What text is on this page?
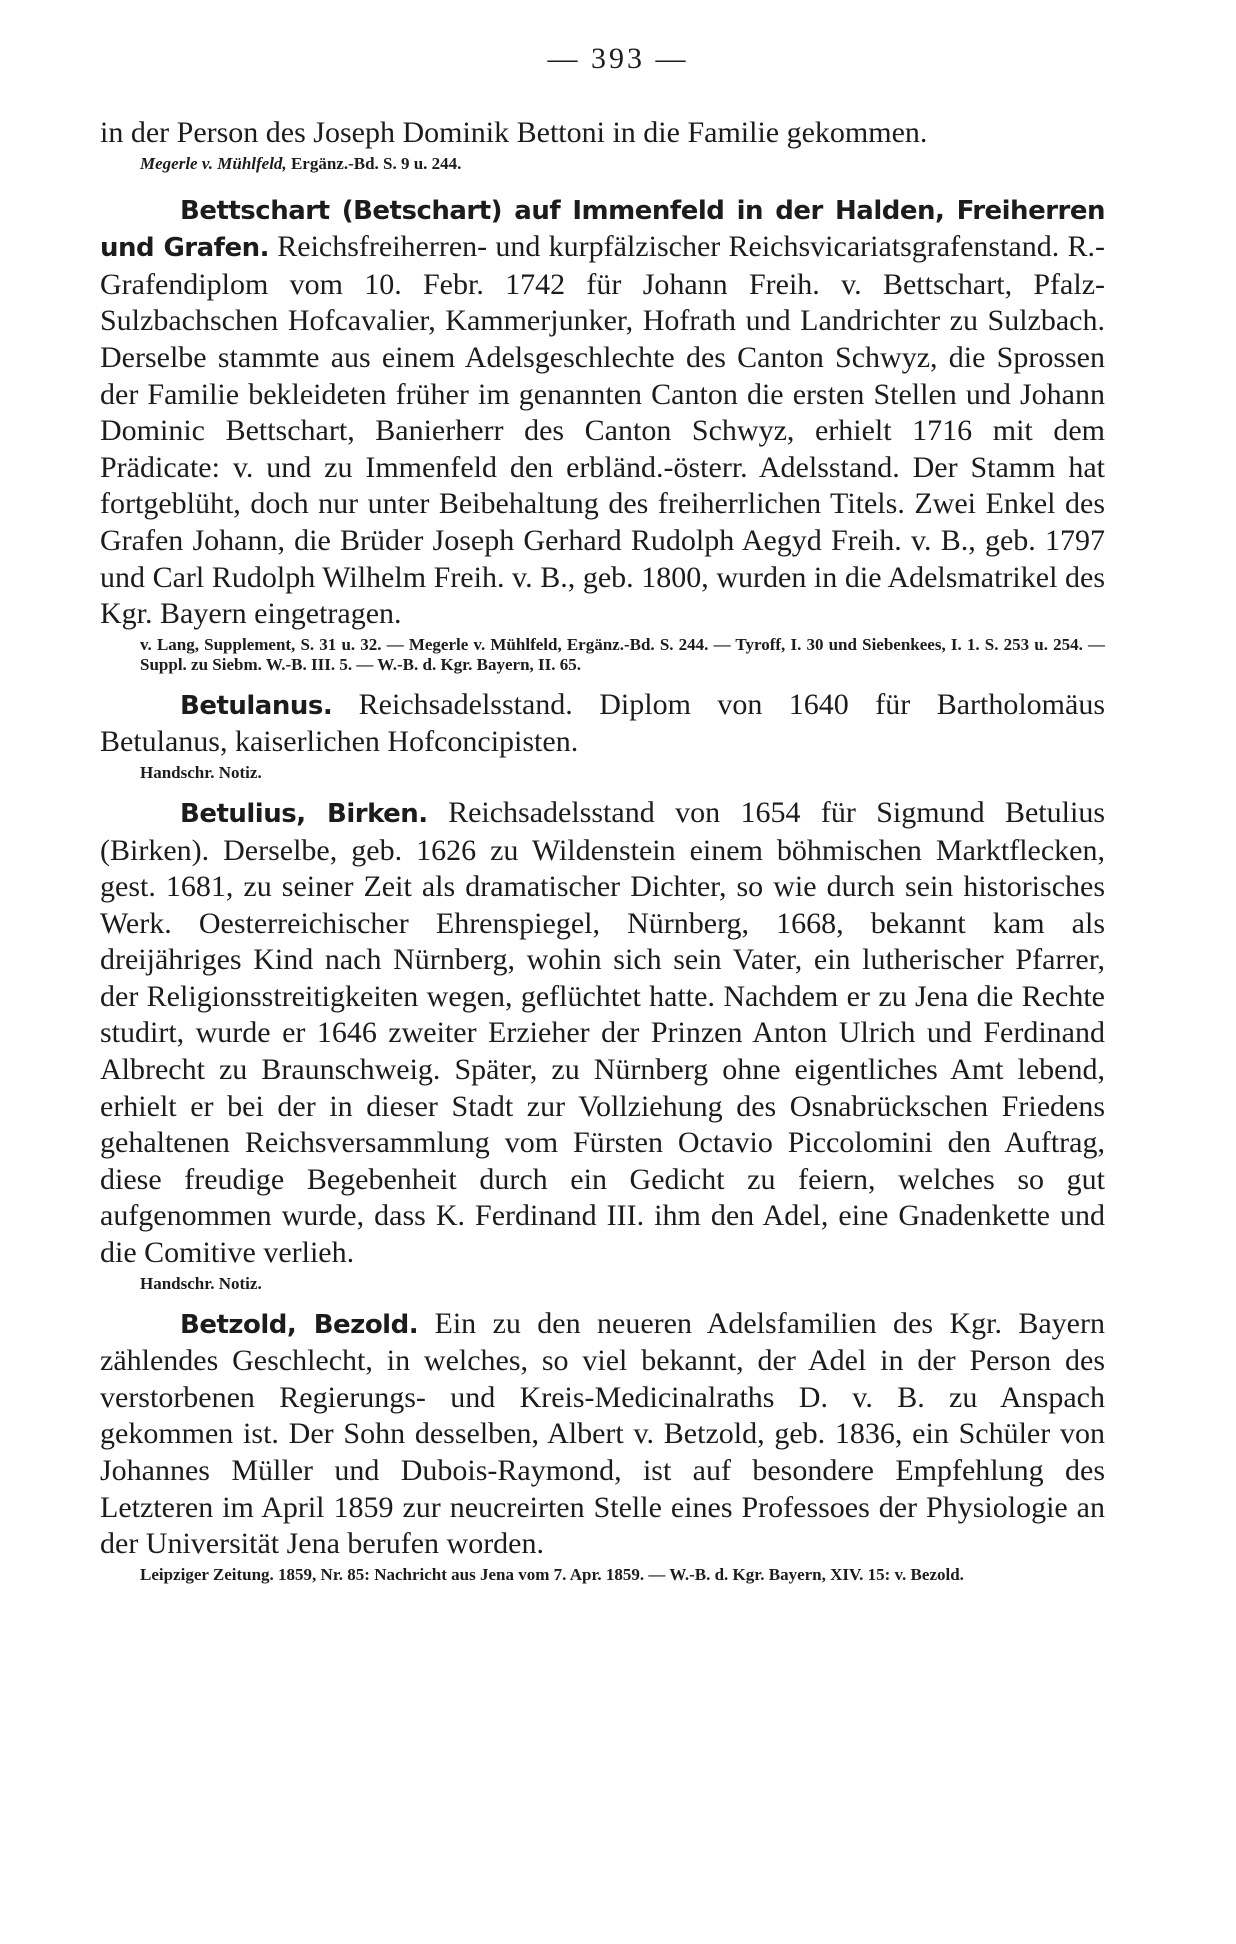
— 393 —

in der Person des Joseph Dominik Bettoni in die Familie gekommen.

Megerle v. Mühlfeld, Ergänz.-Bd. S. 9 u. 244.

Bettschart (Betschart) auf Immenfeld in der Halden, Freiherren und Grafen. Reichsfreiherren- und kurpfälzischer Reichsvicariatsgrafenstand. R.-Grafendiplom vom 10. Febr. 1742 für Johann Freih. v. Bettschart, Pfalz-Sulzbachschen Hofcavalier, Kammerjunker, Hofrath und Landrichter zu Sulzbach. Derselbe stammte aus einem Adelsgeschlechte des Canton Schwyz, die Sprossen der Familie bekleideten früher im genannten Canton die ersten Stellen und Johann Dominic Bettschart, Banierherr des Canton Schwyz, erhielt 1716 mit dem Prädicate: v. und zu Immenfeld den erbländ.-österr. Adelsstand. Der Stamm hat fortgeblüht, doch nur unter Beibehaltung des freiherrlichen Titels. Zwei Enkel des Grafen Johann, die Brüder Joseph Gerhard Rudolph Aegyd Freih. v. B., geb. 1797 und Carl Rudolph Wilhelm Freih. v. B., geb. 1800, wurden in die Adelsmatrikel des Kgr. Bayern eingetragen.

v. Lang, Supplement, S. 31 u. 32. — Megerle v. Mühlfeld, Ergänz.-Bd. S. 244. — Tyroff, I. 30 und Siebenkees, I. 1. S. 253 u. 254. — Suppl. zu Siebm. W.-B. III. 5. — W.-B. d. Kgr. Bayern, II. 65.

Betulanus. Reichsadelsstand. Diplom von 1640 für Bartholomäus Betulanus, kaiserlichen Hofconcipisten.

Handschr. Notiz.

Betulius, Birken. Reichsadelsstand von 1654 für Sigmund Betulius (Birken). Derselbe, geb. 1626 zu Wildenstein einem böhmischen Marktflecken, gest. 1681, zu seiner Zeit als dramatischer Dichter, so wie durch sein historisches Werk. Oesterreichischer Ehrenspiegel, Nürnberg, 1668, bekannt kam als dreijähriges Kind nach Nürnberg, wohin sich sein Vater, ein lutherischer Pfarrer, der Religionsstreitigkeiten wegen, geflüchtet hatte. Nachdem er zu Jena die Rechte studirt, wurde er 1646 zweiter Erzieher der Prinzen Anton Ulrich und Ferdinand Albrecht zu Braunschweig. Später, zu Nürnberg ohne eigentliches Amt lebend, erhielt er bei der in dieser Stadt zur Vollziehung des Osnabrückschen Friedens gehaltenen Reichsversammlung vom Fürsten Octavio Piccolomini den Auftrag, diese freudige Begebenheit durch ein Gedicht zu feiern, welches so gut aufgenommen wurde, dass K. Ferdinand III. ihm den Adel, eine Gnadenkette und die Comitive verlieh.

Handschr. Notiz.

Betzold, Bezold. Ein zu den neueren Adelsfamilien des Kgr. Bayern zählendes Geschlecht, in welches, so viel bekannt, der Adel in der Person des verstorbenen Regierungs- und Kreis-Medicinalraths D. v. B. zu Anspach gekommen ist. Der Sohn desselben, Albert v. Betzold, geb. 1836, ein Schüler von Johannes Müller und Dubois-Raymond, ist auf besondere Empfehlung des Letzteren im April 1859 zur neucreirten Stelle eines Professoes der Physiologie an der Universität Jena berufen worden.

Leipziger Zeitung. 1859, Nr. 85: Nachricht aus Jena vom 7. Apr. 1859. — W.-B. d. Kgr. Bayern, XIV. 15: v. Bezold.
